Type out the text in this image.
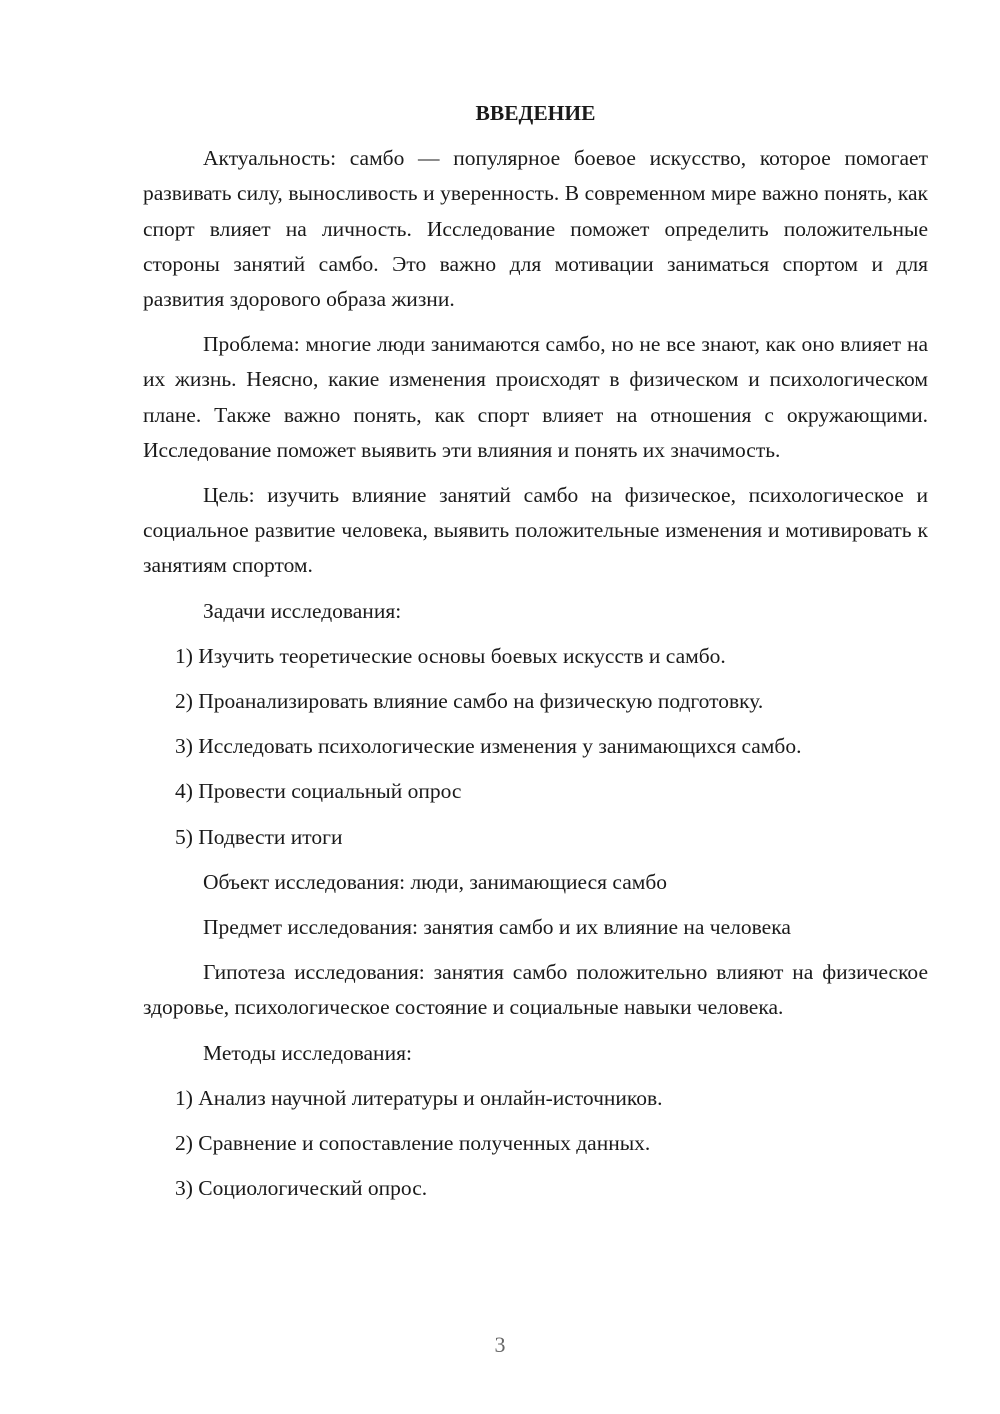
ВВЕДЕНИЕ

Актуальность: самбо — популярное боевое искусство, которое помогает развивать силу, выносливость и уверенность. В современном мире важно понять, как спорт влияет на личность. Исследование поможет определить положительные стороны занятий самбо. Это важно для мотивации заниматься спортом и для развития здорового образа жизни.

Проблема: многие люди занимаются самбо, но не все знают, как оно влияет на их жизнь. Неясно, какие изменения происходят в физическом и психологическом плане. Также важно понять, как спорт влияет на отношения с окружающими. Исследование поможет выявить эти влияния и понять их значимость.

Цель: изучить влияние занятий самбо на физическое, психологическое и социальное развитие человека, выявить положительные изменения и мотивировать к занятиям спортом.

Задачи исследования:

1) Изучить теоретические основы боевых искусств и самбо.

2) Проанализировать влияние самбо на физическую подготовку.

3) Исследовать психологические изменения у занимающихся самбо.

4) Провести социальный опрос

5) Подвести итоги

Объект исследования: люди, занимающиеся самбо

Предмет исследования: занятия самбо и их влияние на человека

Гипотеза исследования: занятия самбо положительно влияют на физическое здоровье, психологическое состояние и социальные навыки человека.

Методы исследования:

1) Анализ научной литературы и онлайн-источников.

2) Сравнение и сопоставление полученных данных.

3) Социологический опрос.

3
